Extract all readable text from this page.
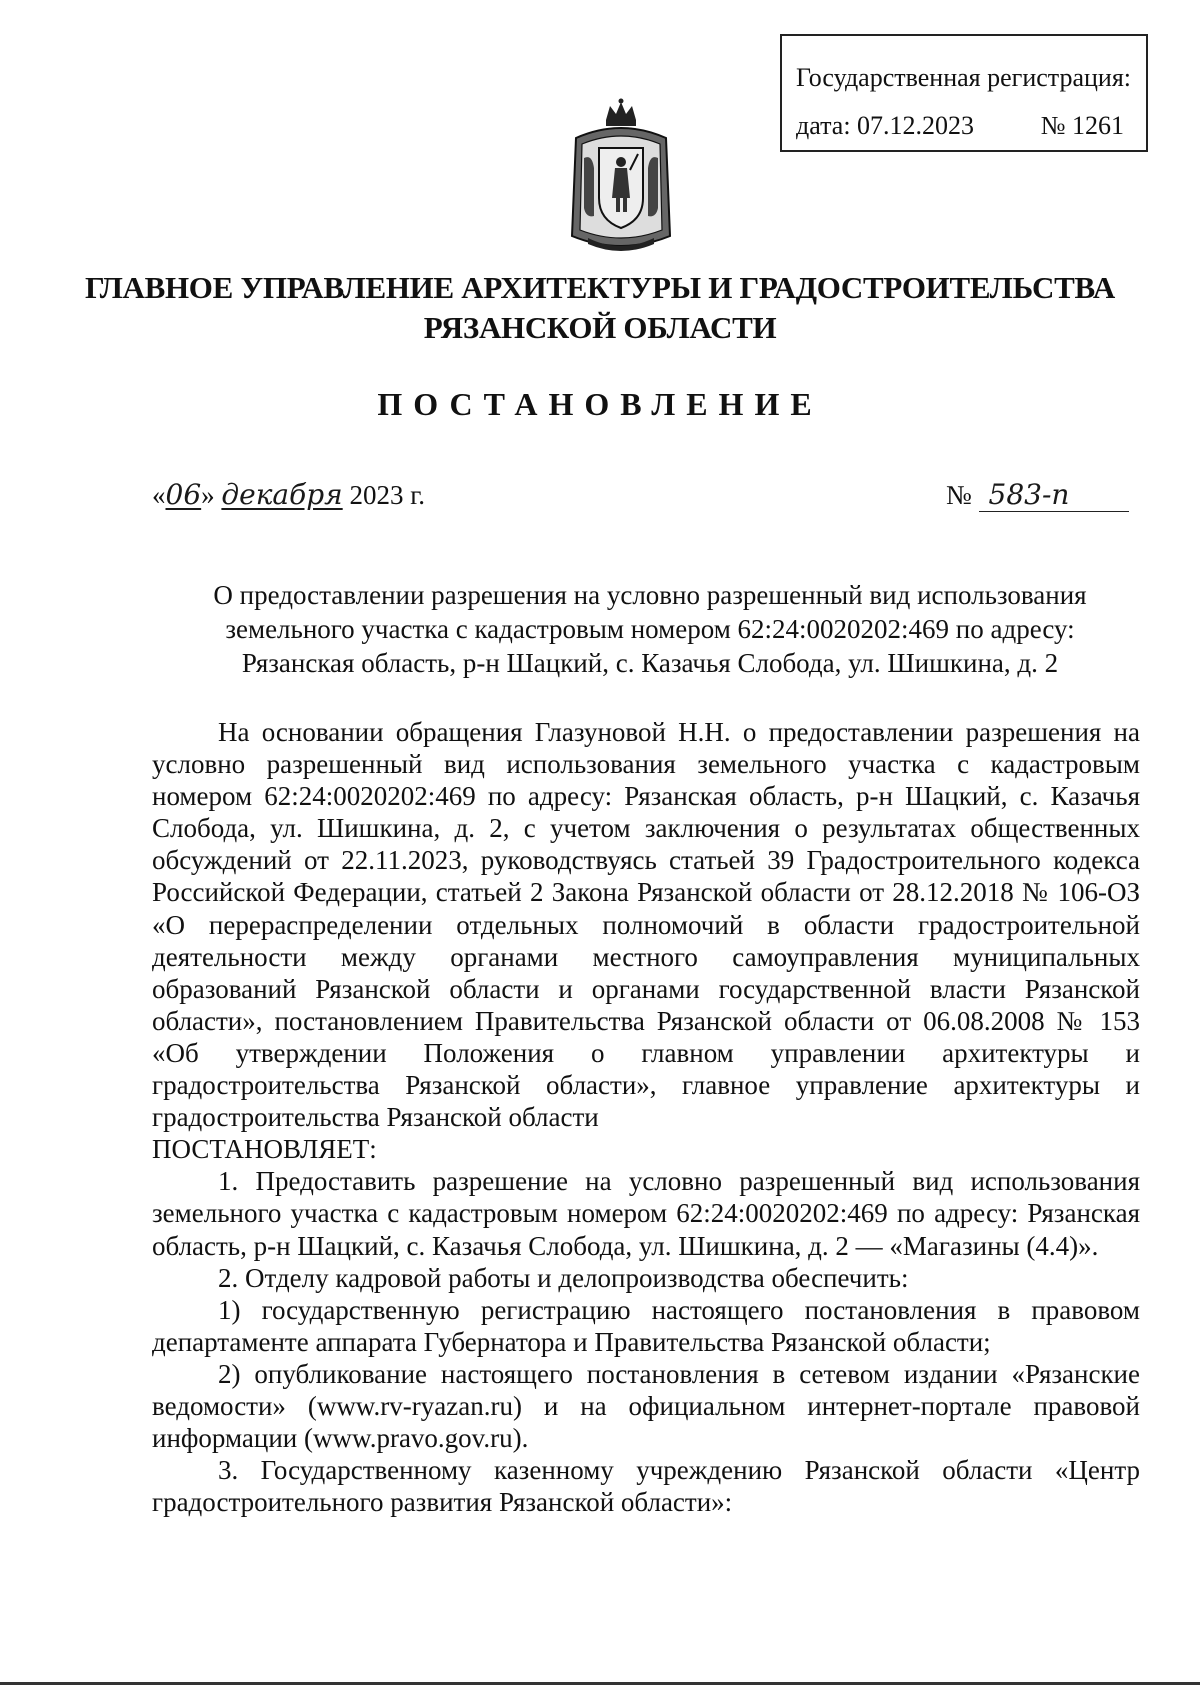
Государственная регистрация:
дата: 07.12.2023	№ 1261
ГЛАВНОЕ УПРАВЛЕНИЕ АРХИТЕКТУРЫ И ГРАДОСТРОИТЕЛЬСТВА
РЯЗАНСКОЙ ОБЛАСТИ
ПОСТАНОВЛЕНИЕ
«06» декабря 2023 г.	№ 583-п
О предоставлении разрешения на условно разрешенный вид использования
земельного участка с кадастровым номером 62:24:0020202:469 по адресу:
Рязанская область, р-н Шацкий, с. Казачья Слобода, ул. Шишкина, д. 2

На основании обращения Глазуновой Н.Н. о предоставлении разрешения на условно разрешенный вид использования земельного участка с кадастровым номером 62:24:0020202:469 по адресу: Рязанская область, р-н Шацкий, с. Казачья Слобода, ул. Шишкина, д. 2, с учетом заключения о результатах общественных обсуждений от 22.11.2023, руководствуясь статьей 39 Градостроительного кодекса Российской Федерации, статьей 2 Закона Рязанской области от 28.12.2018 № 106-ОЗ «О перераспределении отдельных полномочий в области градостроительной деятельности между органами местного самоуправления муниципальных образований Рязанской области и органами государственной власти Рязанской области», постановлением Правительства Рязанской области от 06.08.2008 № 153 «Об утверждении Положения о главном управлении архитектуры и градостроительства Рязанской области», главное управление архитектуры и градостроительства Рязанской области

ПОСТАНОВЛЯЕТ:

1. Предоставить разрешение на условно разрешенный вид использования земельного участка с кадастровым номером 62:24:0020202:469 по адресу: Рязанская область, р-н Шацкий, с. Казачья Слобода, ул. Шишкина, д. 2 — «Магазины (4.4)».

2. Отделу кадровой работы и делопроизводства обеспечить:

1) государственную регистрацию настоящего постановления в правовом департаменте аппарата Губернатора и Правительства Рязанской области;

2) опубликование настоящего постановления в сетевом издании «Рязанские ведомости» (www.rv-ryazan.ru) и на официальном интернет-портале правовой информации (www.pravo.gov.ru).

3. Государственному казенному учреждению Рязанской области «Центр градостроительного развития Рязанской области»:
